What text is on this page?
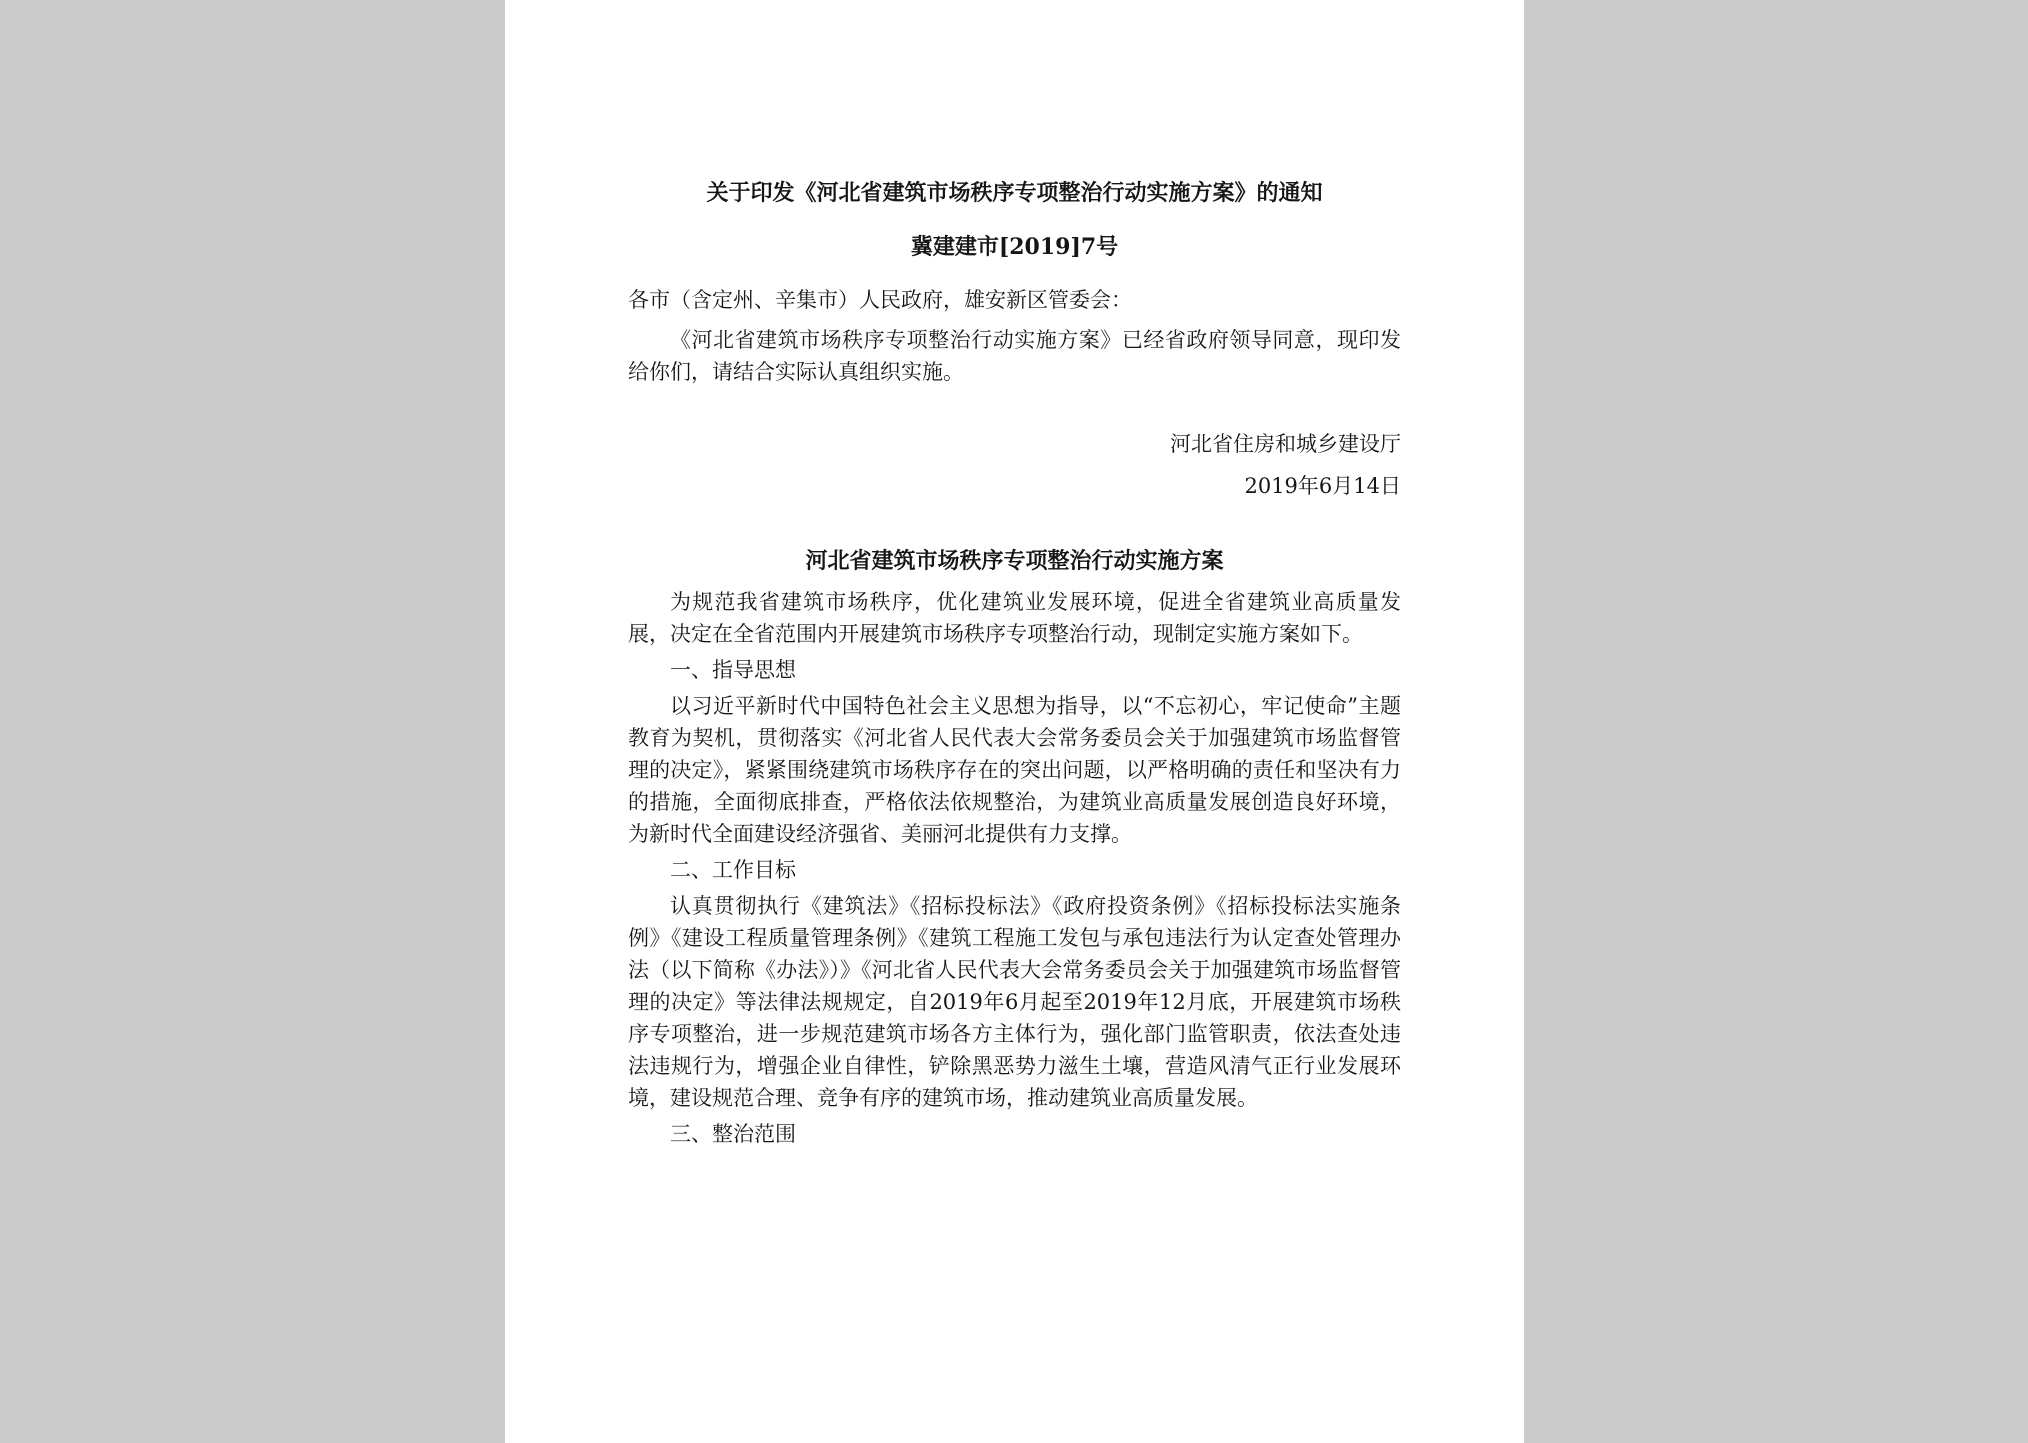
关于印发《河北省建筑市场秩序专项整治行动实施方案》的通知
冀建建市[2019]7号

各市（含定州、辛集市）人民政府，雄安新区管委会：

《河北省建筑市场秩序专项整治行动实施方案》已经省政府领导同意，现印发给你们，请结合实际认真组织实施。

河北省住房和城乡建设厅

2019年6月14日

河北省建筑市场秩序专项整治行动实施方案

为规范我省建筑市场秩序，优化建筑业发展环境，促进全省建筑业高质量发展，决定在全省范围内开展建筑市场秩序专项整治行动，现制定实施方案如下。

一、指导思想

以习近平新时代中国特色社会主义思想为指导，以“不忘初心，牢记使命”主题教育为契机，贯彻落实《河北省人民代表大会常务委员会关于加强建筑市场监督管理的决定》，紧紧围绕建筑市场秩序存在的突出问题，以严格明确的责任和坚决有力的措施，全面彻底排查，严格依法依规整治，为建筑业高质量发展创造良好环境，为新时代全面建设经济强省、美丽河北提供有力支撑。

二、工作目标

认真贯彻执行《建筑法》《招标投标法》《政府投资条例》《招标投标法实施条例》《建设工程质量管理条例》《建筑工程施工发包与承包违法行为认定查处管理办法（以下简称《办法》）》《河北省人民代表大会常务委员会关于加强建筑市场监督管理的决定》等法律法规规定，自2019年6月起至2019年12月底，开展建筑市场秩序专项整治，进一步规范建筑市场各方主体行为，强化部门监管职责，依法查处违法违规行为，增强企业自律性，铲除黑恶势力滋生土壤，营造风清气正行业发展环境，建设规范合理、竞争有序的建筑市场，推动建筑业高质量发展。

三、整治范围
